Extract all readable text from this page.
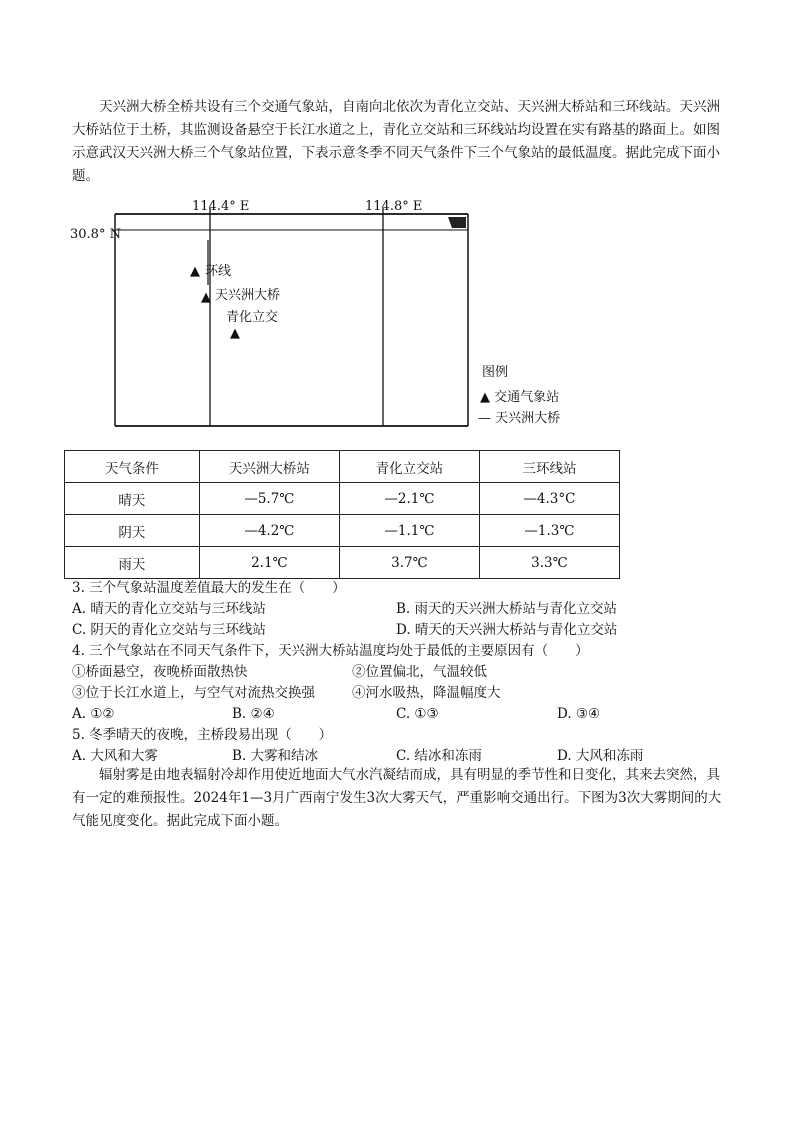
天兴洲大桥全桥共设有三个交通气象站，自南向北依次为青化立交站、天兴洲大桥站和三环线站。天兴洲大桥站位于土桥，其监测设备悬空于长江水道之上，青化立交站和三环线站均设置在实有路基的路面上。如图示意武汉天兴洲大桥三个气象站位置，下表示意冬季不同天气条件下三个气象站的最低温度。据此完成下面小题。

114.4° E	114.8° E
30.8° N
▲ 环线
▲ 天兴洲大桥
青化立交
▲
图例
▲ 交通气象站
— 天兴洲大桥
天气条件	天兴洲大桥站	青化立交站	三环线站
晴天	—5.7℃	—2.1℃	—4.3°C
阴天	—4.2℃	—1.1℃	—1.3℃
雨天	2.1℃	3.7℃	3.3℃

3. 三个气象站温度差值最大的发生在（　　）

A. 晴天的青化立交站与三环线站	B. 雨天的天兴洲大桥站与青化立交站

C. 阴天的青化立交站与三环线站	D. 晴天的天兴洲大桥站与青化立交站

4. 三个气象站在不同天气条件下，天兴洲大桥站温度均处于最低的主要原因有（　　）

①桥面悬空，夜晚桥面散热快	②位置偏北，气温较低

③位于长江水道上，与空气对流热交换强	④河水吸热，降温幅度大

A. ①②	B. ②④	C. ①③	D. ③④

5. 冬季晴天的夜晚，主桥段易出现（　　）

A. 大风和大雾	B. 大雾和结冰	C. 结冰和冻雨	D. 大风和冻雨

辐射雾是由地表辐射冷却作用使近地面大气水汽凝结而成，具有明显的季节性和日变化，其来去突然，具有一定的难预报性。2024年1—3月广西南宁发生3次大雾天气，严重影响交通出行。下图为3次大雾期间的大气能见度变化。据此完成下面小题。
